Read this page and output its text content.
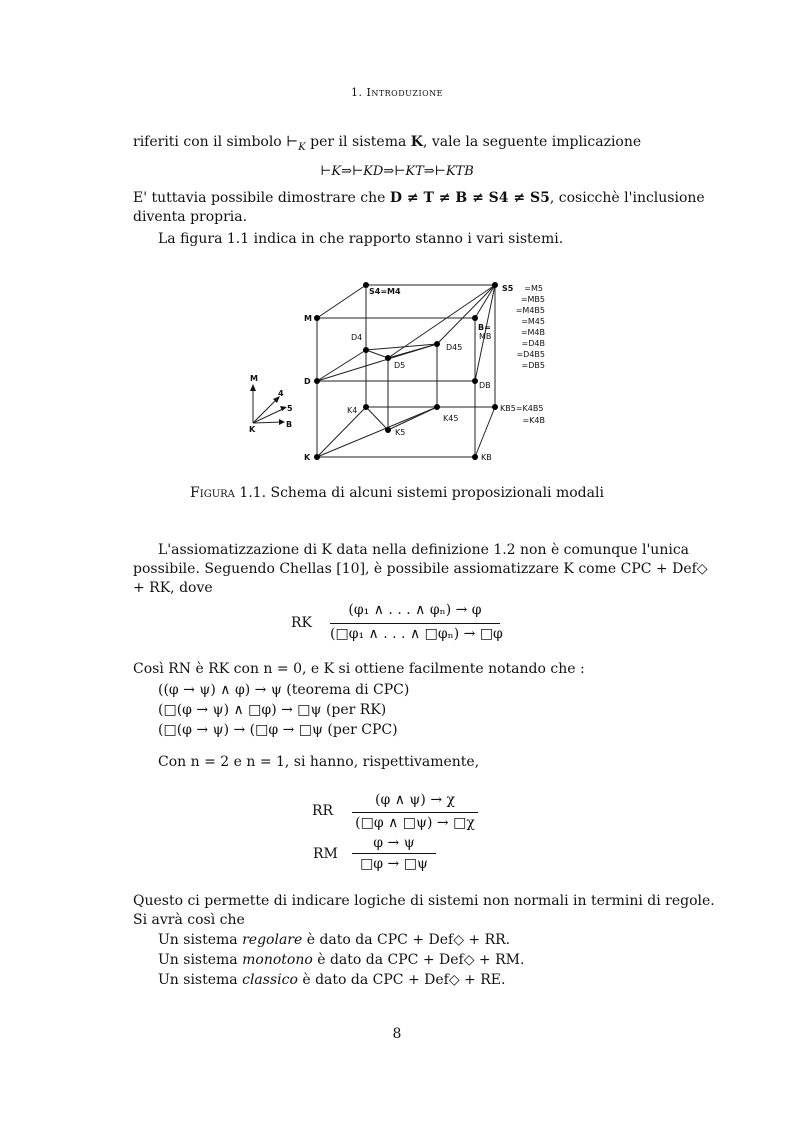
1. Introduzione
riferiti con il simbolo $⊢_K$ per il sistema K, vale la seguente implicazione
⊢K⇒⊢KD⇒⊢KT⇒⊢KTB
E' tuttavia possibile dimostrare che D ≠ T ≠ B ≠ S4 ≠ S5, cosicchè l'inclusione
diventa propria.
La figura 1.1 indica in che rapporto stanno i vari sistemi.
M
S4=M4	S5 =M5
=MB5
=M4B5
=M45
=M4B
=D4B
=D4B5
=DB5
=K4B
D4
D45
D5
B=
MB
D	DB
K4
K45
K5
KB5=K4B5
K	KB
M
4
5
K
B
Figura 1.1. Schema di alcuni sistemi proposizionali modali
L'assiomatizzazione di K data nella definizione 1.2 non è comunque l'unica
possibile. Seguendo Chellas [10], è possibile assiomatizzare K come CPC + Def◇
+ RK, dove
RK
(φ₁ ∧ . . . ∧ φₙ) → φ
(□φ₁ ∧ . . . ∧ □φₙ) → □φ
Così RN è RK con n = 0, e K si ottiene facilmente notando che :
((φ → ψ) ∧ φ) → ψ (teorema di CPC)
(□(φ → ψ) ∧ □φ) → □ψ (per RK)
(□(φ → ψ) → (□φ → □ψ (per CPC)
Con n = 2 e n = 1, si hanno, rispettivamente,
RR
(φ ∧ ψ) → χ
(□φ ∧ □ψ) → □χ
RM
φ → ψ
□φ → □ψ
Questo ci permette di indicare logiche di sistemi non normali in termini di regole.
Si avrà così che
Un sistema regolare è dato da CPC + Def◇ + RR.
Un sistema monotono è dato da CPC + Def◇ + RM.
Un sistema classico è dato da CPC + Def◇ + RE.
8
